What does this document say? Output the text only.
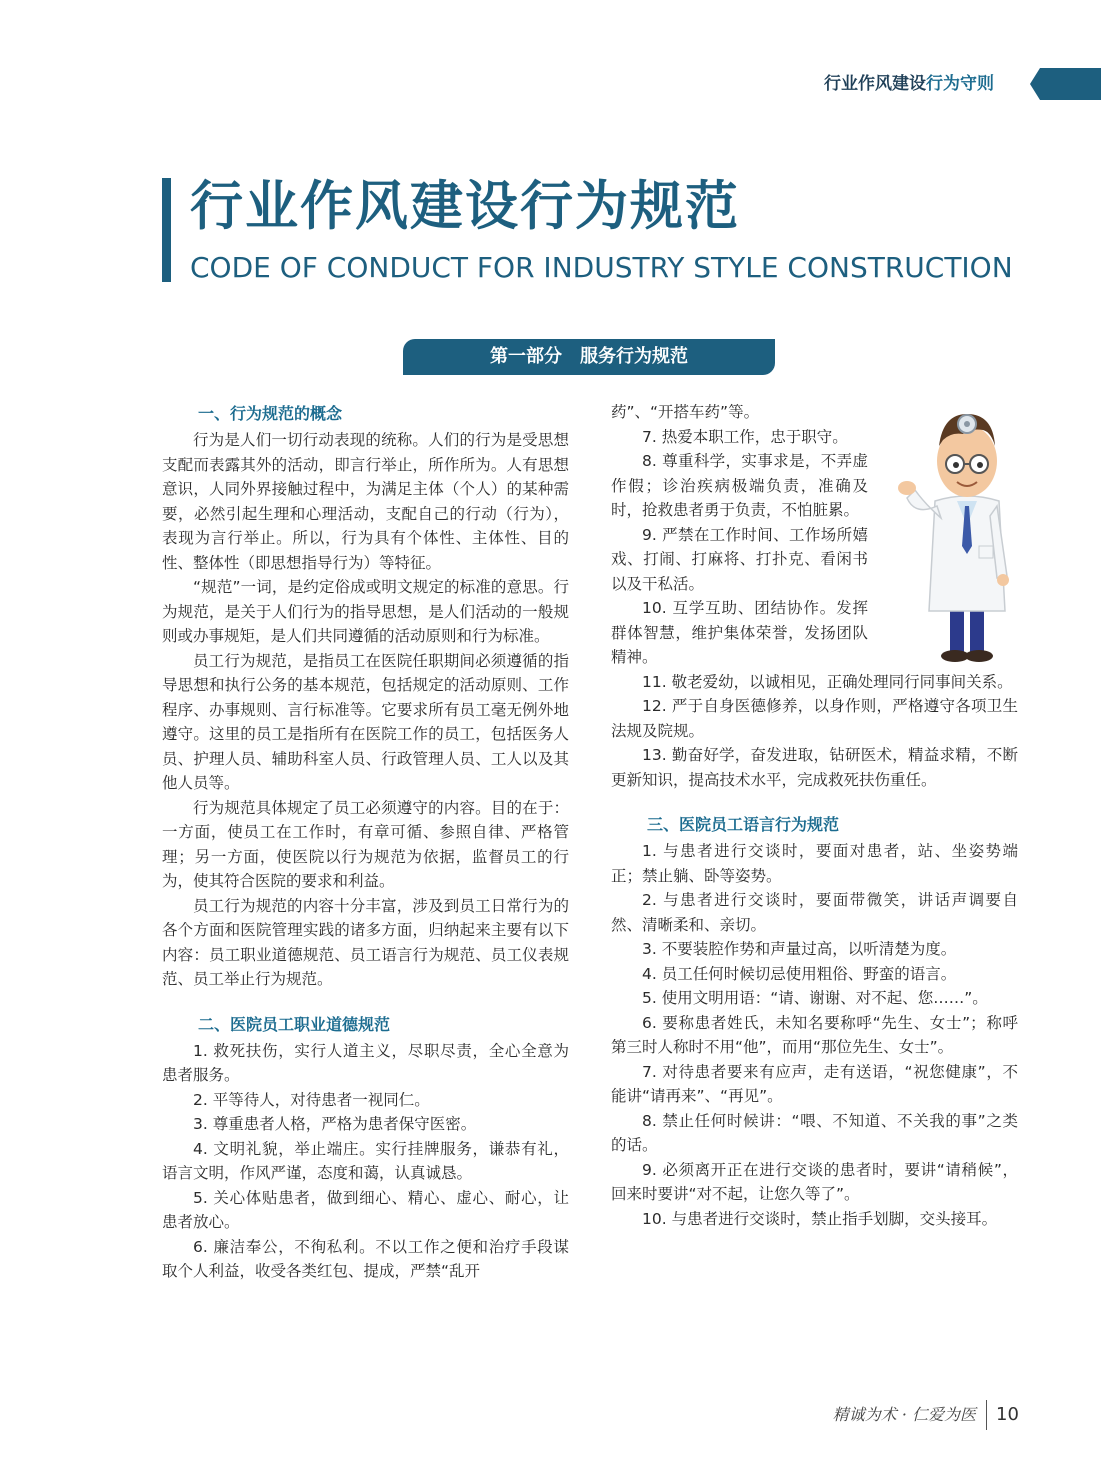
行业作风建设行为守则
行业作风建设行为规范
CODE OF CONDUCT FOR INDUSTRY STYLE CONSTRUCTION
第一部分　服务行为规范
一、行为规范的概念

行为是人们一切行动表现的统称。人们的行为是受思想支配而表露其外的活动，即言行举止，所作所为。人有思想意识，人同外界接触过程中，为满足主体（个人）的某种需要，必然引起生理和心理活动，支配自己的行动（行为），表现为言行举止。所以，行为具有个体性、主体性、目的性、整体性（即思想指导行为）等特征。

“规范”一词，是约定俗成或明文规定的标准的意思。行为规范，是关于人们行为的指导思想，是人们活动的一般规则或办事规矩，是人们共同遵循的活动原则和行为标准。

员工行为规范，是指员工在医院任职期间必须遵循的指导思想和执行公务的基本规范，包括规定的活动原则、工作程序、办事规则、言行标准等。它要求所有员工毫无例外地遵守。这里的员工是指所有在医院工作的员工，包括医务人员、护理人员、辅助科室人员、行政管理人员、工人以及其他人员等。

行为规范具体规定了员工必须遵守的内容。目的在于：一方面，使员工在工作时，有章可循、参照自律、严格管理；另一方面，使医院以行为规范为依据，监督员工的行为，使其符合医院的要求和利益。

员工行为规范的内容十分丰富，涉及到员工日常行为的各个方面和医院管理实践的诸多方面，归纳起来主要有以下内容：员工职业道德规范、员工语言行为规范、员工仪表规范、员工举止行为规范。

二、医院员工职业道德规范

1. 救死扶伤，实行人道主义，尽职尽责，全心全意为患者服务。

2. 平等待人，对待患者一视同仁。

3. 尊重患者人格，严格为患者保守医密。

4. 文明礼貌，举止端庄。实行挂牌服务，谦恭有礼，语言文明，作风严谨，态度和蔼，认真诚恳。

5. 关心体贴患者，做到细心、精心、虚心、耐心，让患者放心。

6. 廉洁奉公，不徇私利。不以工作之便和治疗手段谋取个人利益，收受各类红包、提成，严禁“乱开

药”、“开搭车药”等。

7. 热爱本职工作，忠于职守。

8. 尊重科学，实事求是，不弄虚作假；诊治疾病极端负责，准确及时，抢救患者勇于负责，不怕脏累。

9. 严禁在工作时间、工作场所嬉戏、打闹、打麻将、打扑克、看闲书以及干私活。

10. 互学互助、团结协作。发挥群体智慧，维护集体荣誉，发扬团队精神。

11. 敬老爱幼，以诚相见，正确处理同行同事间关系。

12. 严于自身医德修养，以身作则，严格遵守各项卫生法规及院规。

13. 勤奋好学，奋发进取，钻研医术，精益求精，不断更新知识，提高技术水平，完成救死扶伤重任。

三、医院员工语言行为规范

1. 与患者进行交谈时，要面对患者，站、坐姿势端正；禁止躺、卧等姿势。

2. 与患者进行交谈时，要面带微笑，讲话声调要自然、清晰柔和、亲切。

3. 不要装腔作势和声量过高，以听清楚为度。

4. 员工任何时候切忌使用粗俗、野蛮的语言。

5. 使用文明用语：“请、谢谢、对不起、您……”。

6. 要称患者姓氏，未知名要称呼“先生、女士”；称呼第三时人称时不用“他”，而用“那位先生、女士”。

7. 对待患者要来有应声，走有送语，“祝您健康”，不能讲“请再来”、“再见”。

8. 禁止任何时候讲：“喂、不知道、不关我的事”之类的话。

9. 必须离开正在进行交谈的患者时，要讲“请稍候”，回来时要讲“对不起，让您久等了”。

10. 与患者进行交谈时，禁止指手划脚，交头接耳。

精诚为术 · 仁爱为医 10
